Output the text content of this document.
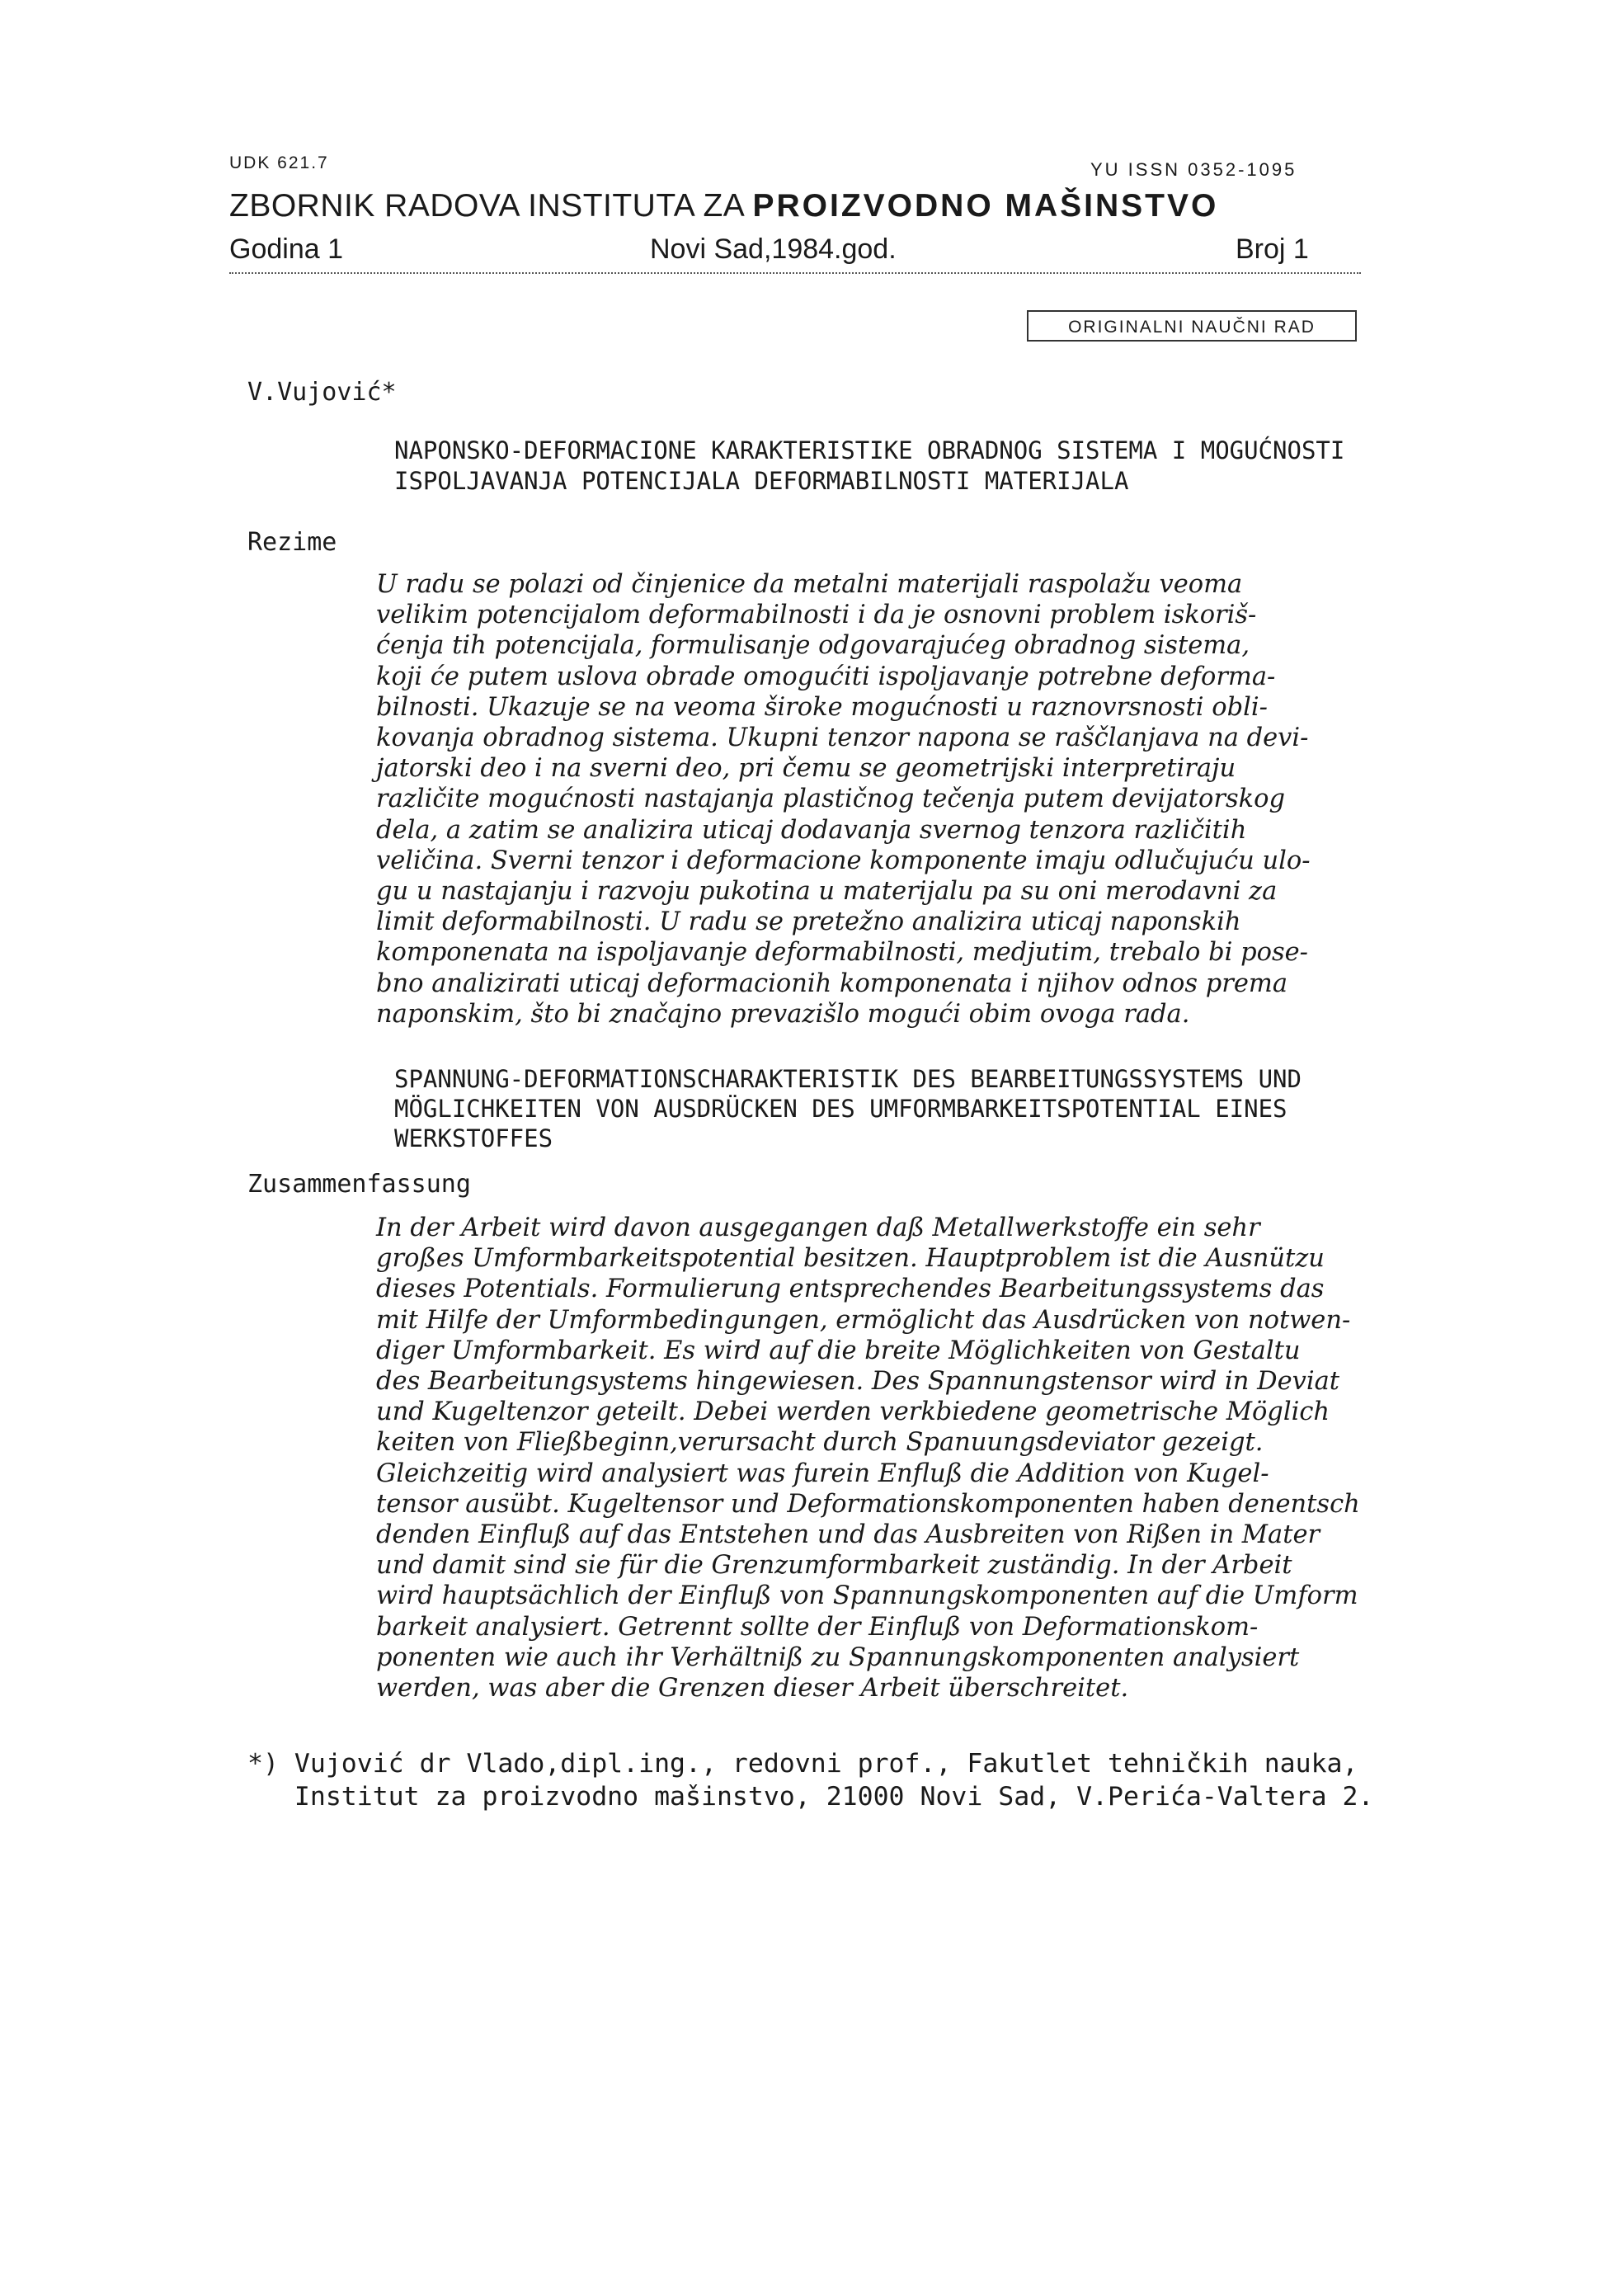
UDK 621.7	YU ISSN 0352-1095
ZBORNIK RADOVA INSTITUTA ZA PROIZVODNO MAŠINSTVO
Godina 1	Novi Sad,1984.god.	Broj 1
ORIGINALNI NAUČNI RAD
V.Vujović*
NAPONSKO-DEFORMACIONE KARAKTERISTIKE OBRADNOG SISTEMA I MOGUĆNOSTI
ISPOLJAVANJA POTENCIJALA DEFORMABILNOSTI MATERIJALA
Rezime
U radu se polazi od činjenice da metalni materijali raspolažu veoma
velikim potencijalom deformabilnosti i da je osnovni problem iskoriš-
ćenja tih potencijala, formulisanje odgovarajućeg obradnog sistema,
koji će putem uslova obrade omogućiti ispoljavanje potrebne deforma-
bilnosti. Ukazuje se na veoma široke mogućnosti u raznovrsnosti obli-
kovanja obradnog sistema. Ukupni tenzor napona se raščlanjava na devi-
jatorski deo i na sverni deo, pri čemu se geometrijski interpretiraju
različite mogućnosti nastajanja plastičnog tečenja putem devijatorskog
dela, a zatim se analizira uticaj dodavanja svernog tenzora različitih
veličina. Sverni tenzor i deformacione komponente imaju odlučujuću ulo-
gu u nastajanju i razvoju pukotina u materijalu pa su oni merodavni za
limit deformabilnosti. U radu se pretežno analizira uticaj naponskih
komponenata na ispoljavanje deformabilnosti, medjutim, trebalo bi pose-
bno analizirati uticaj deformacionih komponenata i njihov odnos prema
naponskim, što bi značajno prevazišlo mogući obim ovoga rada.
SPANNUNG-DEFORMATIONSCHARAKTERISTIK DES BEARBEITUNGSSYSTEMS UND
MÖGLICHKEITEN VON AUSDRÜCKEN DES UMFORMBARKEITSPOTENTIAL EINES
WERKSTOFFES
Zusammenfassung
In der Arbeit wird davon ausgegangen daß Metallwerkstoffe ein sehr
großes Umformbarkeitspotential besitzen. Hauptproblem ist die Ausnützu
dieses Potentials. Formulierung entsprechendes Bearbeitungssystems das
mit Hilfe der Umformbedingungen, ermöglicht das Ausdrücken von notwen-
diger Umformbarkeit. Es wird auf die breite Möglichkeiten von Gestaltu
des Bearbeitungsystems hingewiesen. Des Spannungstensor wird in Deviat
und Kugeltenzor geteilt. Debei werden verkbiedene geometrische Möglich
keiten von Fließbeginn,verursacht durch Spanuungsdeviator gezeigt.
Gleichzeitig wird analysiert was furein Enfluß die Addition von Kugel-
tensor ausübt. Kugeltensor und Deformationskomponenten haben denentsch
denden Einfluß auf das Entstehen und das Ausbreiten von Rißen in Mater
und damit sind sie für die Grenzumformbarkeit zuständig. In der Arbeit
wird hauptsächlich der Einfluß von Spannungskomponenten auf die Umform
barkeit analysiert. Getrennt sollte der Einfluß von Deformationskom-
ponenten wie auch ihr Verhältniß zu Spannungskomponenten analysiert
werden, was aber die Grenzen dieser Arbeit überschreitet.
*) Vujović dr Vlado,dipl.ing., redovni prof., Fakutlet tehničkih nauka,
Institut za proizvodno mašinstvo, 21000 Novi Sad, V.Perića-Valtera 2.
